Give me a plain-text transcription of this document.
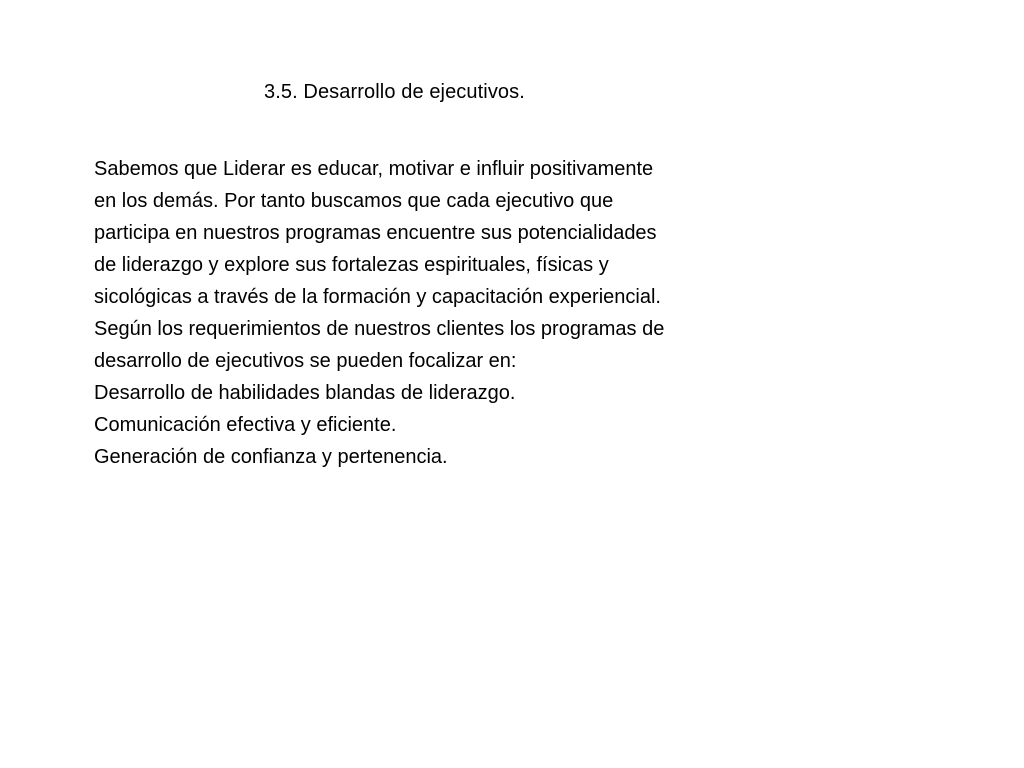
3.5. Desarrollo de ejecutivos.
Sabemos que Liderar es educar, motivar e influir positivamente
en los demás. Por tanto buscamos que cada ejecutivo que
participa en nuestros programas encuentre sus potencialidades
de liderazgo y explore sus fortalezas espirituales, físicas y
sicológicas a través de la formación y capacitación experiencial.
Según los requerimientos de nuestros clientes los programas de
desarrollo de ejecutivos se pueden focalizar en:
Desarrollo de habilidades blandas de liderazgo.
Comunicación efectiva y eficiente.
Generación de confianza y pertenencia.
